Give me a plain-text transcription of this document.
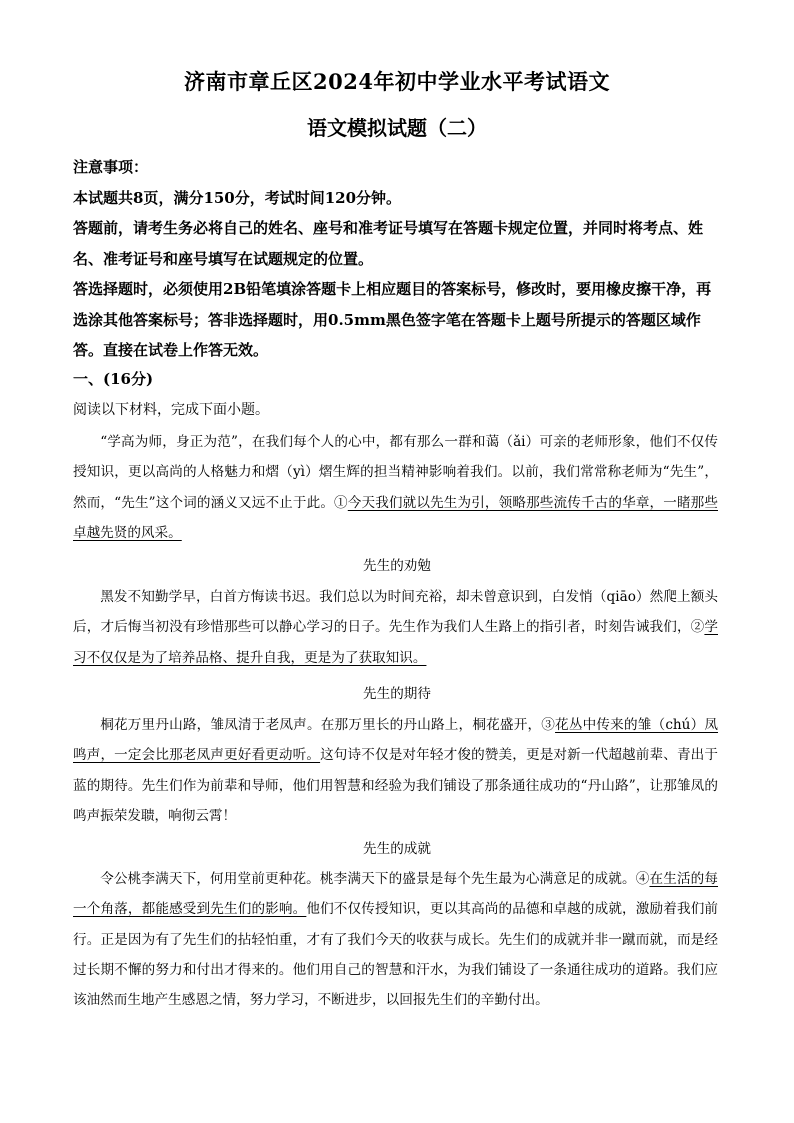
济南市章丘区2024年初中学业水平考试语文
语文模拟试题（二）

注意事项：

本试题共8页，满分150分，考试时间120分钟。

答题前，请考生务必将自己的姓名、座号和准考证号填写在答题卡规定位置，并同时将考点、姓名、准考证号和座号填写在试题规定的位置。

答选择题时，必须使用2B铅笔填涂答题卡上相应题目的答案标号，修改时，要用橡皮擦干净，再选涂其他答案标号；答非选择题时，用0.5mm黑色签字笔在答题卡上题号所提示的答题区域作答。直接在试卷上作答无效。

一、(16分)
阅读以下材料，完成下面小题。

“学高为师，身正为范”，在我们每个人的心中，都有那么一群和蔼（ǎi）可亲的老师形象，他们不仅传授知识，更以高尚的人格魅力和熠（yì）熠生辉的担当精神影响着我们。以前，我们常常称老师为“先生”，然而，“先生”这个词的涵义又远不止于此。①今天我们就以先生为引，领略那些流传千古的华章，一睹那些卓越先贤的风采。

先生的劝勉

黑发不知勤学早，白首方悔读书迟。我们总以为时间充裕，却未曾意识到，白发悄（qiāo）然爬上额头后，才后悔当初没有珍惜那些可以静心学习的日子。先生作为我们人生路上的指引者，时刻告诫我们，②学习不仅仅是为了培养品格、提升自我，更是为了获取知识。

先生的期待

桐花万里丹山路，雏凤清于老凤声。在那万里长的丹山路上，桐花盛开，③花丛中传来的雏（chú）凤鸣声，一定会比那老凤声更好看更动听。这句诗不仅是对年轻才俊的赞美，更是对新一代超越前辈、青出于蓝的期待。先生们作为前辈和导师，他们用智慧和经验为我们铺设了那条通往成功的“丹山路”，让那雏凤的鸣声振荣发聩，响彻云霄！

先生的成就

令公桃李满天下，何用堂前更种花。桃李满天下的盛景是每个先生最为心满意足的成就。④在生活的每一个角落，都能感受到先生们的影响。他们不仅传授知识，更以其高尚的品德和卓越的成就，激励着我们前行。正是因为有了先生们的拈轻怕重，才有了我们今天的收获与成长。先生们的成就并非一蹴而就，而是经过长期不懈的努力和付出才得来的。他们用自己的智慧和汗水，为我们铺设了一条通往成功的道路。我们应该油然而生地产生感恩之情，努力学习，不断进步，以回报先生们的辛勤付出。
